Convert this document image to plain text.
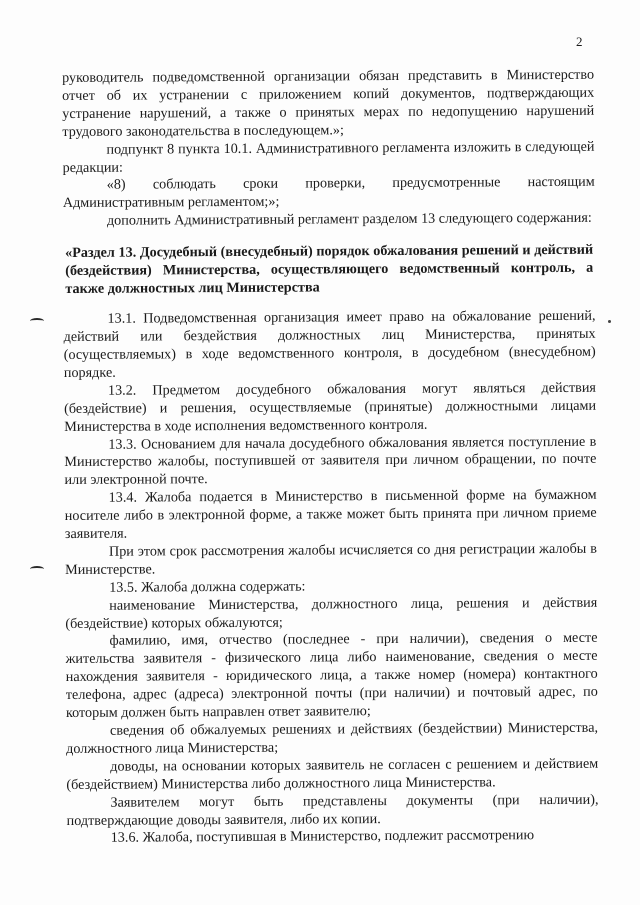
2

руководитель подведомственной организации обязан представить в Министерство отчет об их устранении с приложением копий документов, подтверждающих устранение нарушений, а также о принятых мерах по недопущению нарушений трудового законодательства в последующем.»;

подпункт 8 пункта 10.1. Административного регламента изложить в следующей редакции:

«8) соблюдать сроки проверки, предусмотренные настоящим Административным регламентом;»;

дополнить Административный регламент разделом 13 следующего содержания:

«Раздел 13. Досудебный (внесудебный) порядок обжалования решений и действий (бездействия) Министерства, осуществляющего ведомственный контроль, а также должностных лиц Министерства

13.1. Подведомственная организация имеет право на обжалование решений, действий или бездействия должностных лиц Министерства, принятых (осуществляемых) в ходе ведомственного контроля, в досудебном (внесудебном) порядке.

13.2. Предметом досудебного обжалования могут являться действия (бездействие) и решения, осуществляемые (принятые) должностными лицами Министерства в ходе исполнения ведомственного контроля.

13.3. Основанием для начала досудебного обжалования является поступление в Министерство жалобы, поступившей от заявителя при личном обращении, по почте или электронной почте.

13.4. Жалоба подается в Министерство в письменной форме на бумажном носителе либо в электронной форме, а также может быть принята при личном приеме заявителя.

При этом срок рассмотрения жалобы исчисляется со дня регистрации жалобы в Министерстве.

13.5. Жалоба должна содержать:

наименование Министерства, должностного лица, решения и действия (бездействие) которых обжалуются;

фамилию, имя, отчество (последнее - при наличии), сведения о месте жительства заявителя - физического лица либо наименование, сведения о месте нахождения заявителя - юридического лица, а также номер (номера) контактного телефона, адрес (адреса) электронной почты (при наличии) и почтовый адрес, по которым должен быть направлен ответ заявителю;

сведения об обжалуемых решениях и действиях (бездействии) Министерства, должностного лица Министерства;

доводы, на основании которых заявитель не согласен с решением и действием (бездействием) Министерства либо должностного лица Министерства.

Заявителем могут быть представлены документы (при наличии), подтверждающие доводы заявителя, либо их копии.

13.6. Жалоба, поступившая в Министерство, подлежит рассмотрению
